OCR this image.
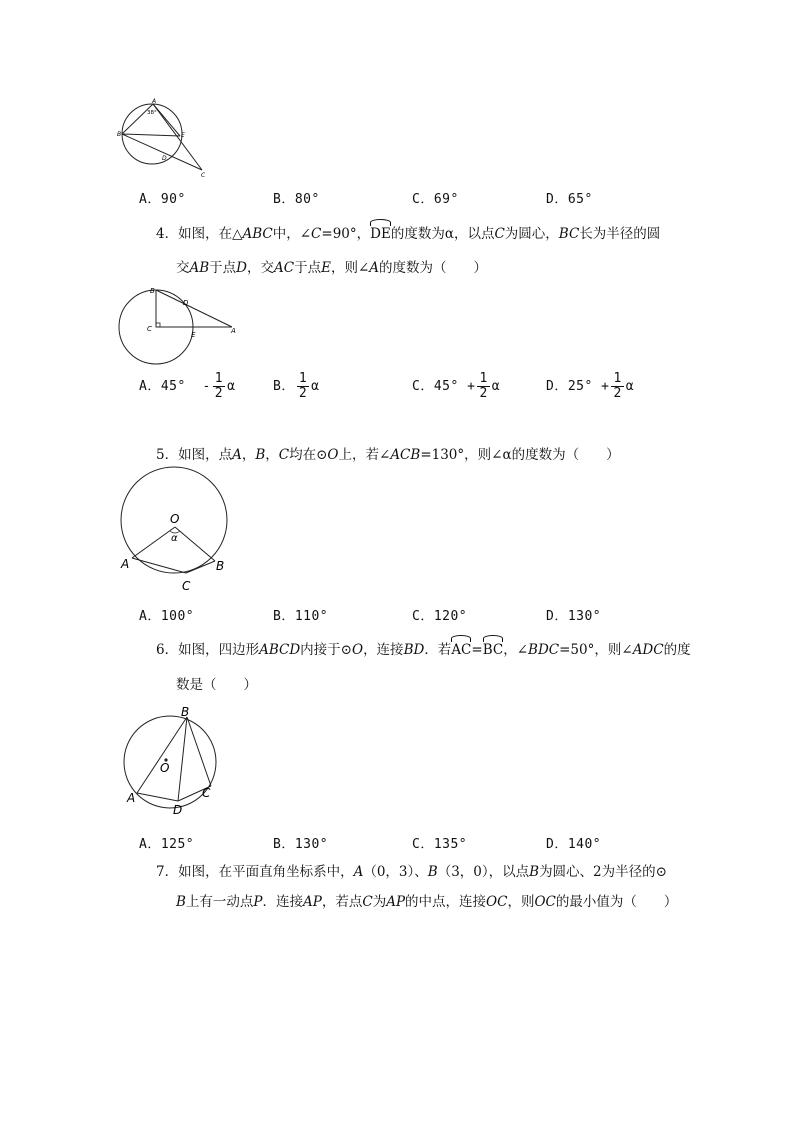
A
38°
B	E
D
C
A．90°	B．80°	C．69°	D．65°
4．如图，在△ABC中，∠C=90°，DE的度数为α，以点C为圆心，BC长为半径的圆
交AB于点D，交AC于点E，则∠A的度数为（　　）
B
D
C
E	A
A．$45^\circ - \frac{1}{2}$ α	B． $\frac{1}{2}$ α	C．$45^\circ + \frac{1}{2}$ α	D．$25^\circ + \frac{1}{2}$ α
5．如图，点A，B，C均在⊙O上，若∠ACB=130°，则∠α的度数为（　　）
O
α
A	B
C
A．100°	B．110°	C．120°	D．130°
6．如图，四边形ABCD内接于⊙O，连接BD．若AC=BC，∠BDC=50°，则∠ADC的度
数是（　　）
O
B
A
D
C
A．125°	B．130°	C．135°	D．140°
7．如图，在平面直角坐标系中，A（0，3）、B（3，0），以点B为圆心、2为半径的⊙
B上有一动点P．连接AP，若点C为AP的中点，连接OC，则OC的最小值为（　　）
